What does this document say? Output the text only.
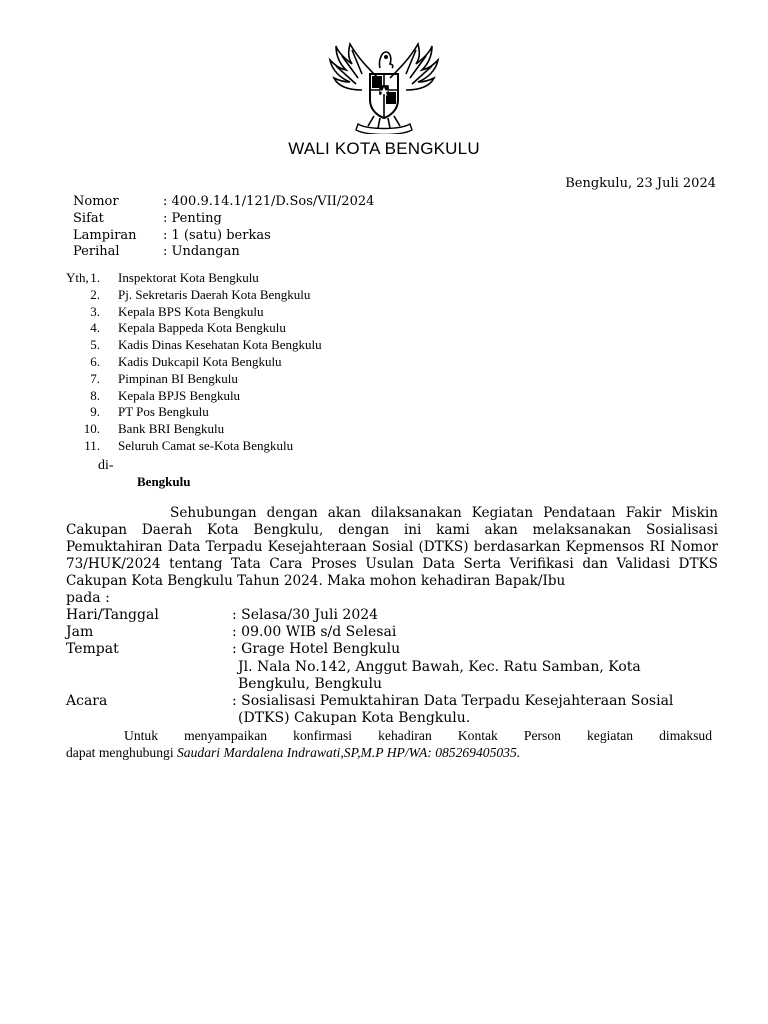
WALI KOTA BENGKULU
Bengkulu, 23 Juli 2024
Nomor	: 400.9.14.1/121/D.Sos/VII/2024
Sifat	: Penting
Lampiran : 1 (satu) berkas
Perihal	: Undangan
Yth, 1. Inspektorat Kota Bengkulu
2. Pj. Sekretaris Daerah Kota Bengkulu
3. Kepala BPS Kota Bengkulu
4. Kepala Bappeda Kota Bengkulu
5. Kadis Dinas Kesehatan Kota Bengkulu
6. Kadis Dukcapil Kota Bengkulu
7. Pimpinan BI Bengkulu
8. Kepala BPJS Bengkulu
9. PT Pos Bengkulu
10. Bank BRI Bengkulu
11. Seluruh Camat se-Kota Bengkulu
di-
Bengkulu
Sehubungan dengan akan dilaksanakan Kegiatan Pendataan Fakir Miskin Cakupan Daerah Kota Bengkulu, dengan ini kami akan melaksanakan Sosialisasi Pemuktahiran Data Terpadu Kesejahteraan Sosial (DTKS) berdasarkan Kepmensos RI Nomor 73/HUK/2024 tentang Tata Cara Proses Usulan Data Serta Verifikasi dan Validasi DTKS Cakupan Kota Bengkulu Tahun 2024. Maka mohon kehadiran Bapak/Ibu
pada :
Hari/Tanggal	: Selasa/30 Juli 2024
Jam	: 09.00 WIB s/d Selesai
Tempat	: Grage Hotel Bengkulu
Jl. Nala No.142, Anggut Bawah, Kec. Ratu Samban, Kota
Bengkulu, Bengkulu
Acara	: Sosialisasi Pemuktahiran Data Terpadu Kesejahteraan Sosial
(DTKS) Cakupan Kota Bengkulu.
Untuk menyampaikan konfirmasi kehadiran Kontak Person kegiatan dimaksud
dapat menghubungi Saudari Mardalena Indrawati,SP,M.P HP/WA: 085269405035.
